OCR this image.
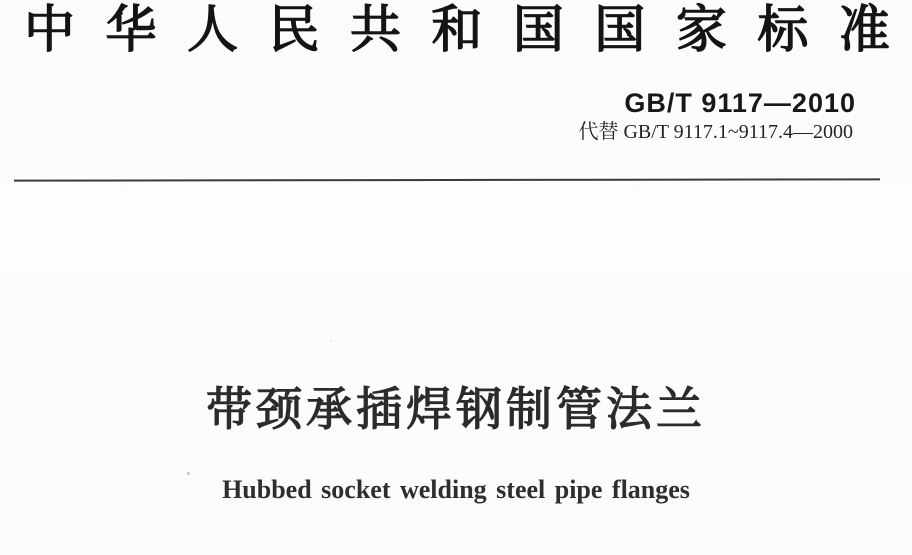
中 华 人 民 共 和 国 国 家 标 准
GB/T 9117—2010
代替 GB/T 9117.1~9117.4—2000
带颈承插焊钢制管法兰
Hubbed socket welding steel pipe flanges
